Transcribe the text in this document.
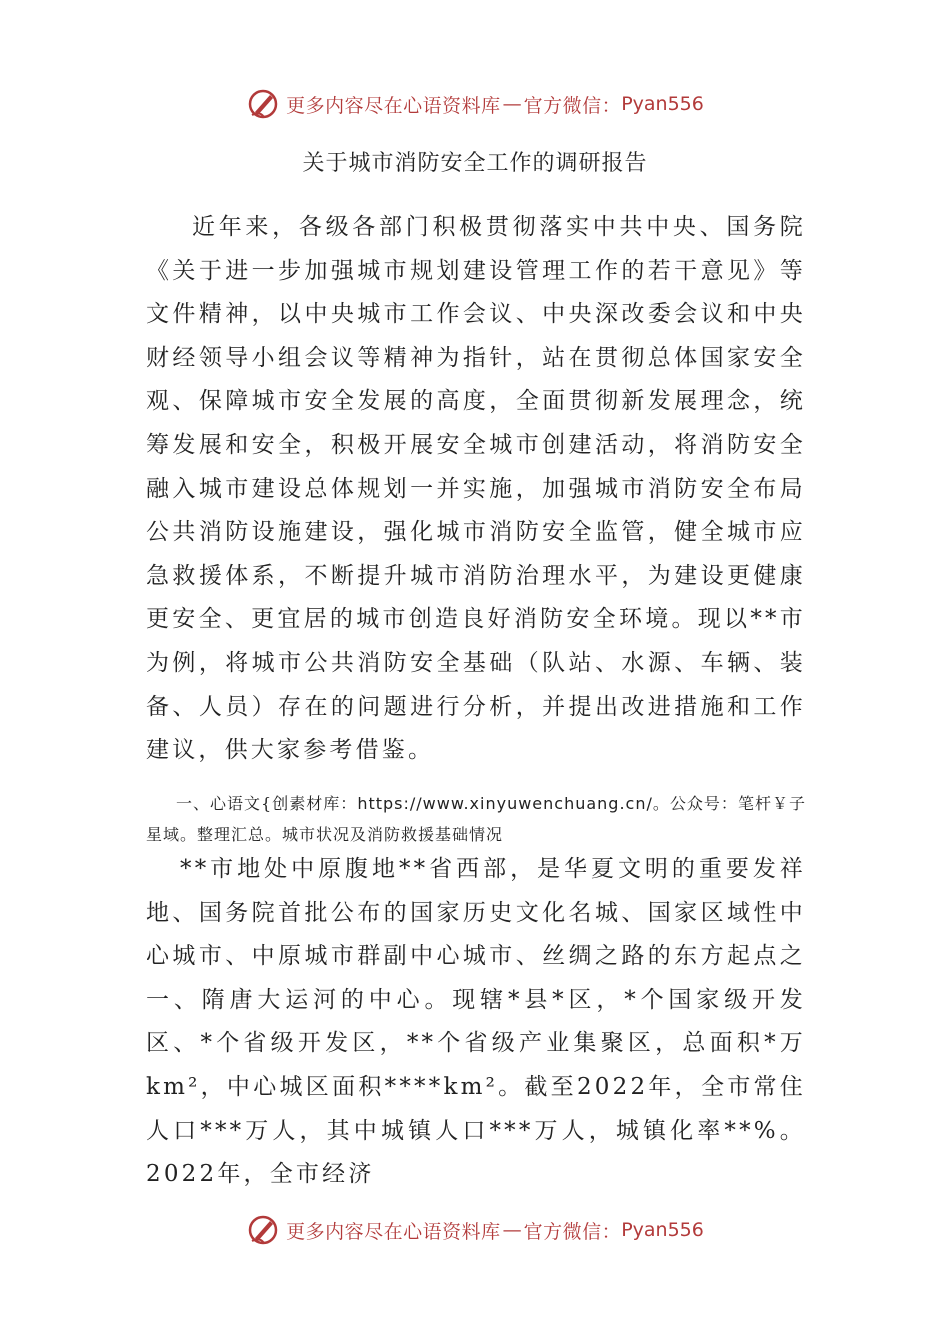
更多内容尽在心语资料库 — 官方微信： Pyan556
关于城市消防安全工作的调研报告

近年来，各级各部门积极贯彻落实中共中央、国务院《关于进一步加强城市规划建设管理工作的若干意见》等文件精神，以中央城市工作会议、中央深改委会议和中央财经领导小组会议等精神为指针，站在贯彻总体国家安全观、保障城市安全发展的高度，全面贯彻新发展理念，统筹发展和安全，积极开展安全城市创建活动，将消防安全融入城市建设总体规划一并实施，加强城市消防安全布局公共消防设施建设，强化城市消防安全监管，健全城市应急救援体系，不断提升城市消防治理水平，为建设更健康更安全、更宜居的城市创造良好消防安全环境。现以**市为例，将城市公共消防安全基础（队站、水源、车辆、装备、人员）存在的问题进行分析，并提出改进措施和工作建议，供大家参考借鉴。

一、心语文{创素材库：https://www.xinyuwenchuang.cn/。公众号：笔杆￥子星域。整理汇总。城市状况及消防救援基础情况

**市地处中原腹地**省西部，是华夏文明的重要发祥地、国务院首批公布的国家历史文化名城、国家区域性中心城市、中原城市群副中心城市、丝绸之路的东方起点之一、隋唐大运河的中心。现辖*县*区，*个国家级开发区、*个省级开发区，**个省级产业集聚区，总面积*万km²，中心城区面积****km²。截至2022年，全市常住人口***万人，其中城镇人口***万人，城镇化率**%。2022年，全市经济

更多内容尽在心语资料库 — 官方微信： Pyan556
